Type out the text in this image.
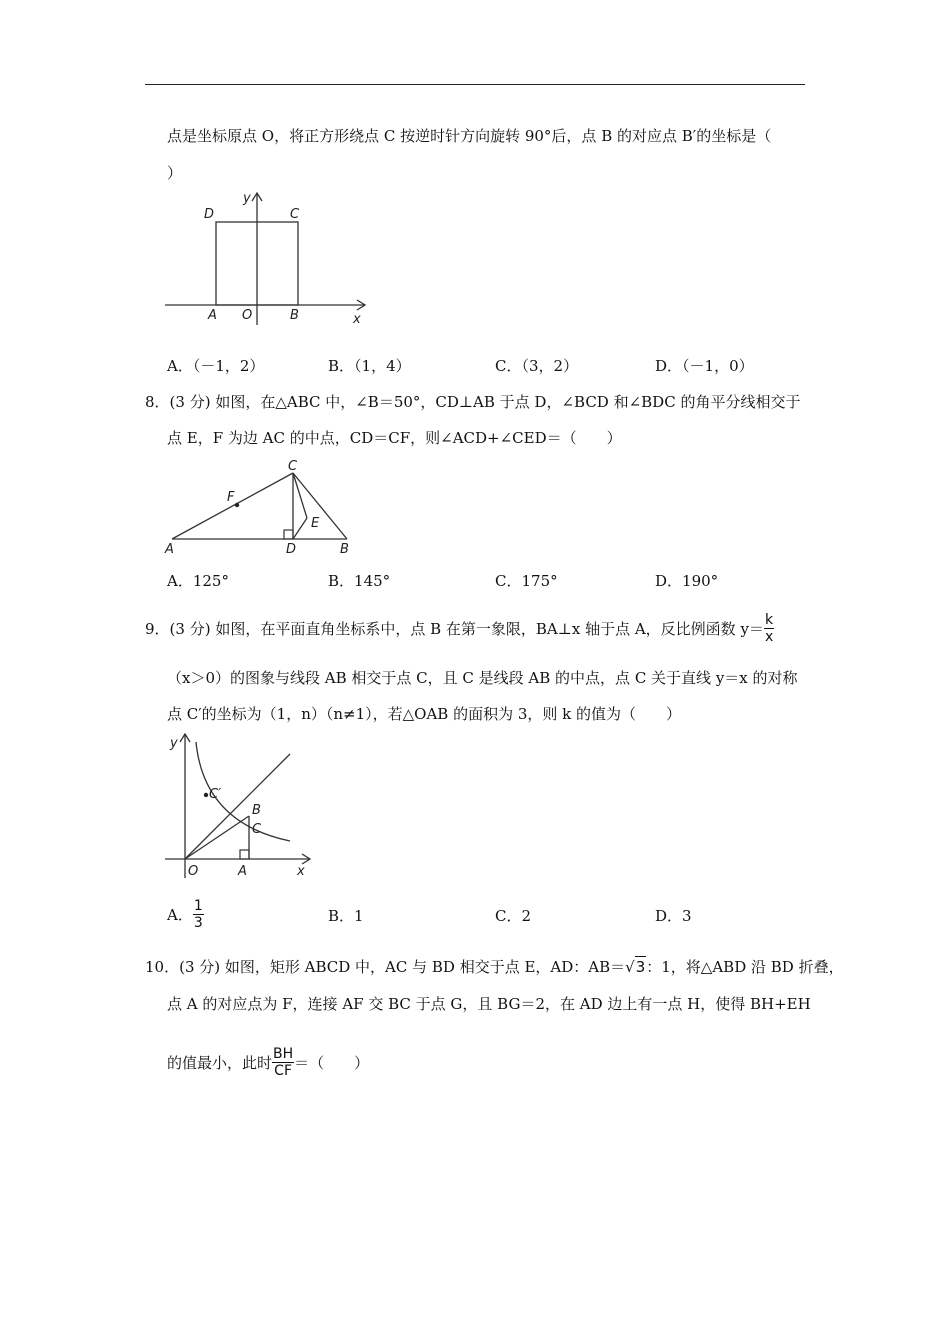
点是坐标原点 O，将正方形绕点 C 按逆时针方向旋转 90°后，点 B 的对应点 B′的坐标是（
）
y
D	C
A O	B	x
A．（－1，2）	B．（1，4）	C．（3，2）	D．（－1，0）
8．(3 分) 如图，在△ABC 中，∠B＝50°，CD⊥AB 于点 D，∠BCD 和∠BDC 的角平分线相交于
点 E，F 为边 AC 的中点，CD＝CF，则∠ACD+∠CED＝（　　）
C
F
E
A	D	B
A．125°	B．145°	C．175°	D．190°
9．(3 分) 如图，在平面直角坐标系中，点 B 在第一象限，BA⊥x 轴于点 A，反比例函数 $y= \frac{k}{x}$
（x＞0）的图象与线段 AB 相交于点 C，且 C 是线段 AB 的中点，点 C 关于直线 y＝x 的对称
点 C′的坐标为（1，n）（n≠1），若△OAB 的面积为 3，则 k 的值为（　　）
y
C′
B
C
O	A	x
A． $\frac{1}{3}$	B．1	C．2	D．3
10．(3 分) 如图，矩形 ABCD 中，AC 与 BD 相交于点 E，AD：AB＝ √ 3 ：1，将△ABD 沿 BD 折叠，
点 A 的对应点为 F，连接 AF 交 BC 于点 G，且 BG＝2，在 AD 边上有一点 H，使得 BH+EH
的值最小，此时 $\frac{BH}{CF}$ ＝（　　）
